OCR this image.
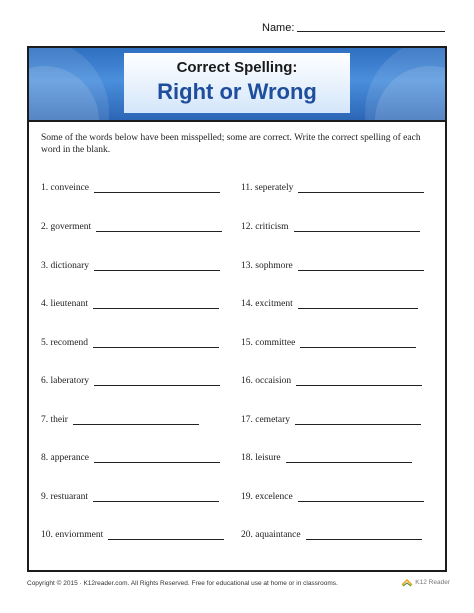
Name:
Correct Spelling:
Right or Wrong
Some of the words below have been misspelled; some are correct. Write the correct spelling of each word in the blank.
1. conveince
2. goverment
3. dictionary
4. lieutenant
5. recomend
6. laberatory
7. their
8. apperance
9. restuarant
10. enviornment
11. seperately
12. criticism
13. sophmore
14. excitment
15. committee
16. occaision
17. cemetary
18. leisure
19. excelence
20. aquaintance
Copyright © 2015 · K12reader.com. All Rights Reserved. Free for educational use at home or in classrooms.	K12 Reader
